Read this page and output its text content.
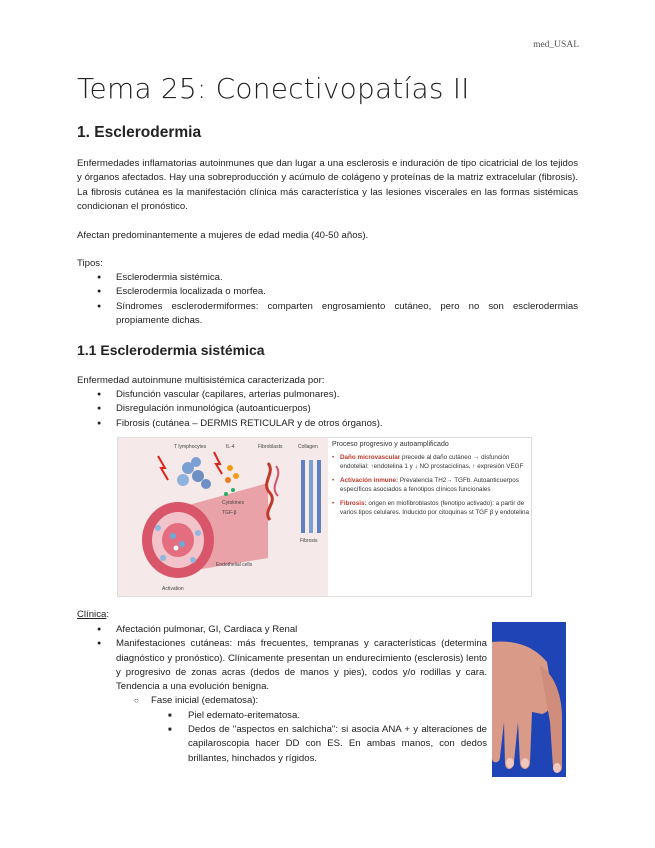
med_USAL
Tema 25: Conectivopatías II
1. Esclerodermia

Enfermedades inflamatorias autoinmunes que dan lugar a una esclerosis e induración de tipo cicatricial de los tejidos y órganos afectados. Hay una sobreproducción y acúmulo de colágeno y proteínas de la matriz extracelular (fibrosis). La fibrosis cutánea es la manifestación clínica más característica y las lesiones viscerales en las formas sistémicas condicionan el pronóstico.

Afectan predominantemente a mujeres de edad media (40-50 años).

Tipos:

● Esclerodermia sistémica.
● Esclerodermia localizada o morfea.
● Síndromes esclerodermiformes: comparten engrosamiento cutáneo, pero no son esclerodermias propiamente dichas.
1.1 Esclerodermia sistémica

Enfermedad autoinmune multisistémica caracterizada por:

● Disfunción vascular (capilares, arterias pulmonares).
● Disregulación inmunológica (autoanticuerpos)
● Fibrosis (cutánea – DERMIS RETICULAR y de otros órganos).
T lymphocytes	IL-4	Fibroblasts	Collagen
Cytokines
TGF-β
Fibrosis
Endothelial cells
Activation

Proceso progresivo y autoamplificado

• Daño microvascular precede al daño cutáneo → disfunción endotelial: ↑endotelina 1 y ↓ NO prostaciclinas, ↑ expresión VEGF
• Activación inmune: Prevalencia TH2→ TGFb. Autoanticuerpos específicos asociados a fenotipos clínicos funcionales
• Fibrosis: origen en miofibroblastos (fenotipo activado): a partir de varios tipos celulares. Inducido por citoquinas st TGF β y endotelina
Clínica:
● Afectación pulmonar, GI, Cardiaca y Renal
● Manifestaciones cutáneas: más frecuentes, tempranas y características (determina diagnóstico y pronóstico). Clínicamente presentan un endurecimiento (esclerosis) lento y progresivo de zonas acras (dedos de manos y pies), codos y/o rodillas y cara. Tendencia a una evolución benigna.
○ Fase inicial (edematosa):
■ Piel edemato-eritematosa.
■ Dedos de "aspectos en salchicha": si asocia ANA + y alteraciones de capilaroscopia hacer DD con ES. En ambas manos, con dedos brillantes, hinchados y rígidos.
